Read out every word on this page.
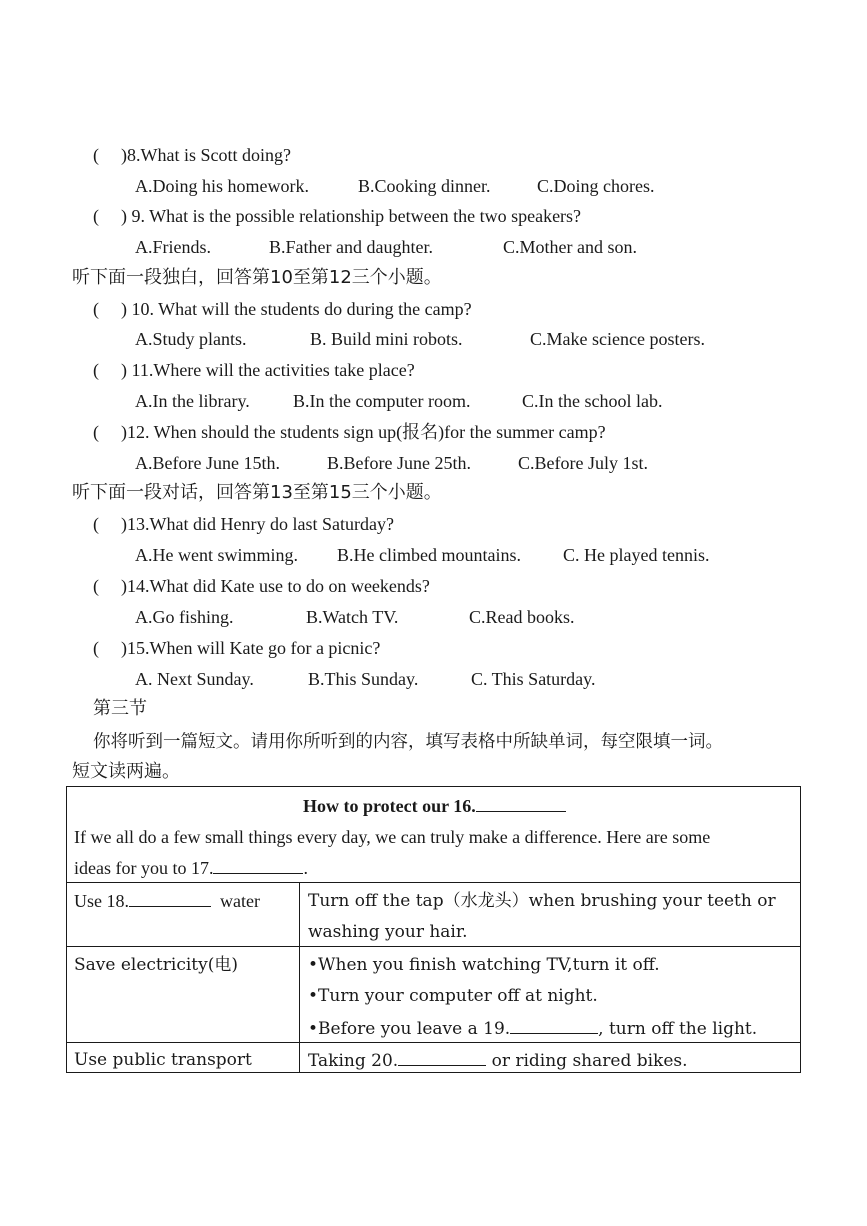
( )8.What is Scott doing?
A.Doing his homework.	B.Cooking dinner.	C.Doing chores.
( ) 9. What is the possible relationship between the two speakers?
A.Friends.	B.Father and daughter.	C.Mother and son.
听下面一段独白，回答第10至第12三个小题。
( ) 10. What will the students do during the camp?
A.Study plants.	B. Build mini robots.	C.Make science posters.
( ) 11.Where will the activities take place?
A.In the library. B.In the computer room.	C.In the school lab.
( )12. When should the students sign up(报名)for the summer camp?
A.Before June 15th.	B.Before June 25th.	C.Before July 1st.
听下面一段对话，回答第13至第15三个小题。
( )13.What did Henry do last Saturday?
A.He went swimming. B.He climbed mountains. C. He played tennis.
( )14.What did Kate use to do on weekends?
A.Go fishing.	B.Watch TV.	C.Read books.
( )15.When will Kate go for a picnic?
A. Next Sunday.	B.This Sunday.	C. This Saturday.
第三节
你将听到一篇短文。请用你所听到的内容，填写表格中所缺单词，每空限填一词。
短文读两遍。
How to protect our 16.
If we all do a few small things every day, we can truly make a difference. Here are some
ideas for you to 17.	.
Use 18.	water	Turn off the tap（水龙头）when brushing your teeth or
washing your hair.
Save electricity(电)	•When you finish watching TV,turn it off.
•Turn your computer off at night.
•Before you leave a 19.	, turn off the light.
Use public transport	Taking 20.	or riding shared bikes.
